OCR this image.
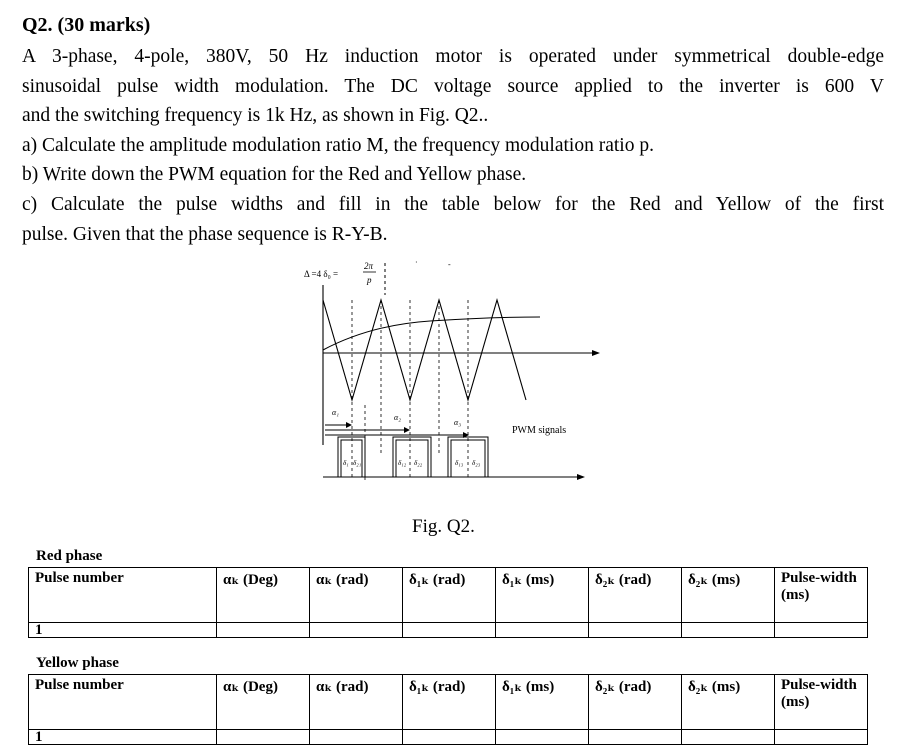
Q2. (30 marks)
A 3-phase, 4-pole, 380V, 50 Hz induction motor is operated under symmetrical double-edge
sinusoidal pulse width modulation. The DC voltage source applied to the inverter is 600 V
and the switching frequency is 1k Hz, as shown in Fig. Q2..
a) Calculate the amplitude modulation ratio M, the frequency modulation ratio p.
b) Write down the PWM equation for the Red and Yellow phase.
c) Calculate the pulse widths and fill in the table below for the Red and Yellow of the first
pulse. Given that the phase sequence is R-Y-B.
Δ =4 δ₀ =
2π
p
·	-
α₁
α₂
α₃
δ₁ δ₂₁	δ₁₂ δ₂₂	δ₁₃ δ₂₃
PWM signals
Fig. Q2.
Red phase
Pulse number	αₖ (Deg)	αₖ (rad)	δ₁ₖ (rad)	δ₁ₖ (ms)	δ₂ₖ (rad)	δ₂ₖ (ms)	Pulse-width (ms)
1							
Yellow phase
Pulse number	αₖ (Deg)	αₖ (rad)	δ₁ₖ (rad)	δ₁ₖ (ms)	δ₂ₖ (rad)	δ₂ₖ (ms)	Pulse-width (ms)
1							
